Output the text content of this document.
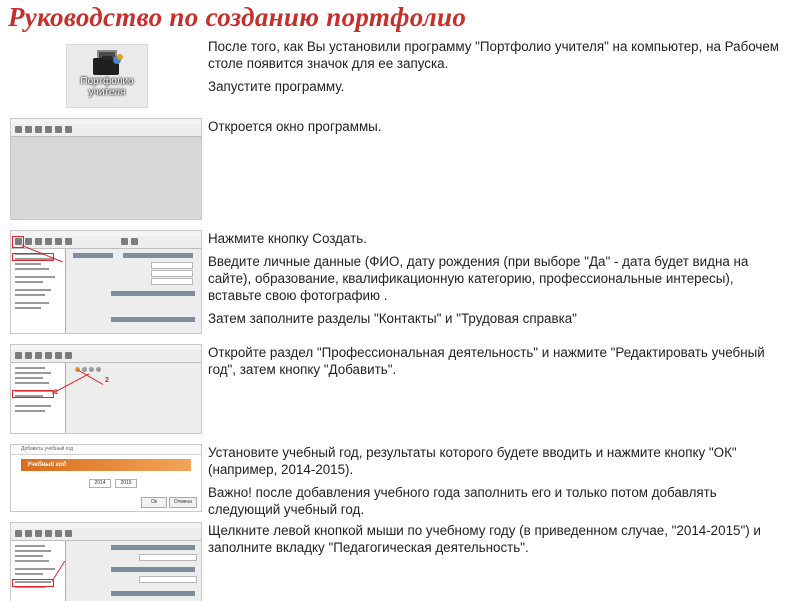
Руководство по созданию портфолио
Портфолио
учителя
После того, как Вы установили программу "Портфолио учителя" на компьютер, на Рабочем столе появится значок для ее запуска.
Запустите программу.
Откроется окно программы.
Нажмите кнопку Создать.
Введите личные данные (ФИО, дату рождения (при выборе "Да" - дата будет видна на сайте), образование, квалификационную категорию, профессиональные интересы), вставьте свою фотографию .
Затем заполните разделы "Контакты" и "Трудовая справка"
2
1
Откройте раздел "Профессиональная деятельность" и нажмите "Редактировать учебный год", затем кнопку "Добавить".
Добавить учебный год
Учебный год
2014	2015
Ок	Отмена
Установите учебный год, результаты которого будете вводить и нажмите кнопку "ОК" (например, 2014-2015).
Важно! после добавления учебного года заполнить его и только потом добавлять следующий учебный год.
Щелкните левой кнопкой мыши по учебному году (в приведенном случае, "2014-2015") и заполните вкладку "Педагогическая деятельность".
